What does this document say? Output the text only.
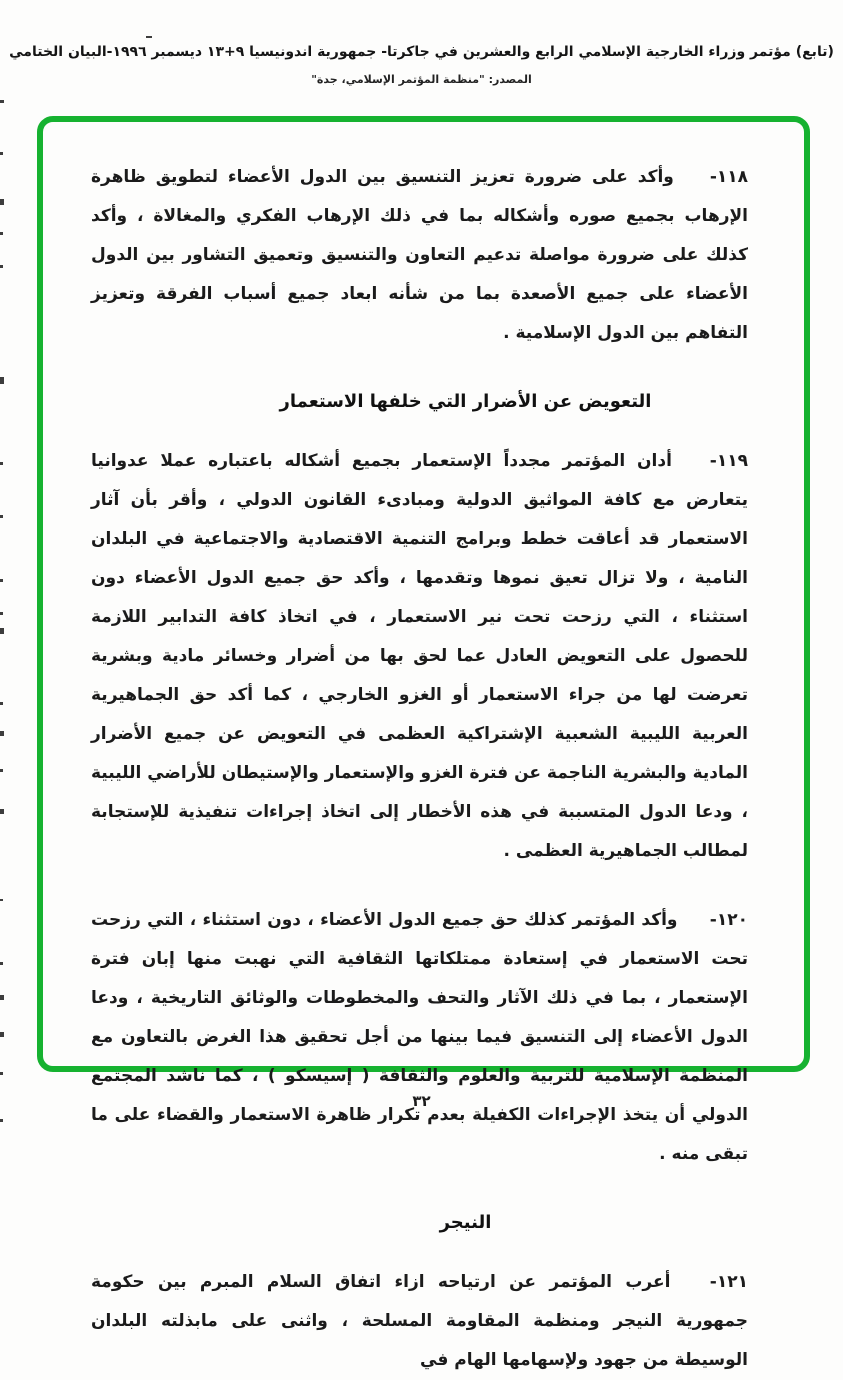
(تابع) مؤتمر وزراء الخارجية الإسلامي الرابع والعشرين في جاكرتا- جمهورية اندونيسيا ٩+١٣ ديسمبر ١٩٩٦-البيان الختامي
المصدر: "منظمة المؤتمر الإسلامي، جدة"

١١٨- وأكد على ضرورة تعزيز التنسيق بين الدول الأعضاء لتطويق ظاهرة الإرهاب بجميع صوره وأشكاله بما في ذلك الإرهاب الفكري والمغالاة ، وأكد كذلك على ضرورة مواصلة تدعيم التعاون والتنسيق وتعميق التشاور بين الدول الأعضاء على جميع الأصعدة بما من شأنه ابعاد جميع أسباب الفرقة وتعزيز التفاهم بين الدول الإسلامية .

التعويض عن الأضرار التي خلفها الاستعمار

١١٩- أدان المؤتمر مجدداً الإستعمار بجميع أشكاله باعتباره عملا عدوانيا يتعارض مع كافة المواثيق الدولية ومبادىء القانون الدولي ، وأقر بأن آثار الاستعمار قد أعاقت خطط وبرامج التنمية الاقتصادية والاجتماعية في البلدان النامية ، ولا تزال تعيق نموها وتقدمها ، وأكد حق جميع الدول الأعضاء دون استثناء ، التي رزحت تحت نير الاستعمار ، في اتخاذ كافة التدابير اللازمة للحصول على التعويض العادل عما لحق بها من أضرار وخسائر مادية وبشرية تعرضت لها من جراء الاستعمار أو الغزو الخارجي ، كما أكد حق الجماهيرية العربية الليبية الشعبية الإشتراكية العظمى في التعويض عن جميع الأضرار المادية والبشرية الناجمة عن فترة الغزو والإستعمار والإستيطان للأراضي الليبية ، ودعا الدول المتسببة في هذه الأخطار إلى اتخاذ إجراءات تنفيذية للإستجابة لمطالب الجماهيرية العظمى .

١٢٠- وأكد المؤتمر كذلك حق جميع الدول الأعضاء ، دون استثناء ، التي رزحت تحت الاستعمار في إستعادة ممتلكاتها الثقافية التي نهبت منها إبان فترة الإستعمار ، بما في ذلك الآثار والتحف والمخطوطات والوثائق التاريخية ، ودعا الدول الأعضاء إلى التنسيق فيما بينها من أجل تحقيق هذا الغرض بالتعاون مع المنظمة الإسلامية للتربية والعلوم والثقافة ( إسيسكو ) ، كما ناشد المجتمع الدولي أن يتخذ الإجراءات الكفيلة بعدم تكرار ظاهرة الاستعمار والقضاء على ما تبقى منه .

النيجر

١٢١- أعرب المؤتمر عن ارتياحه ازاء اتفاق السلام المبرم بين حكومة جمهورية النيجر ومنظمة المقاومة المسلحة ، واثنى على مابذلته البلدان الوسيطة من جهود ولإسهامها الهام في

٣٢
